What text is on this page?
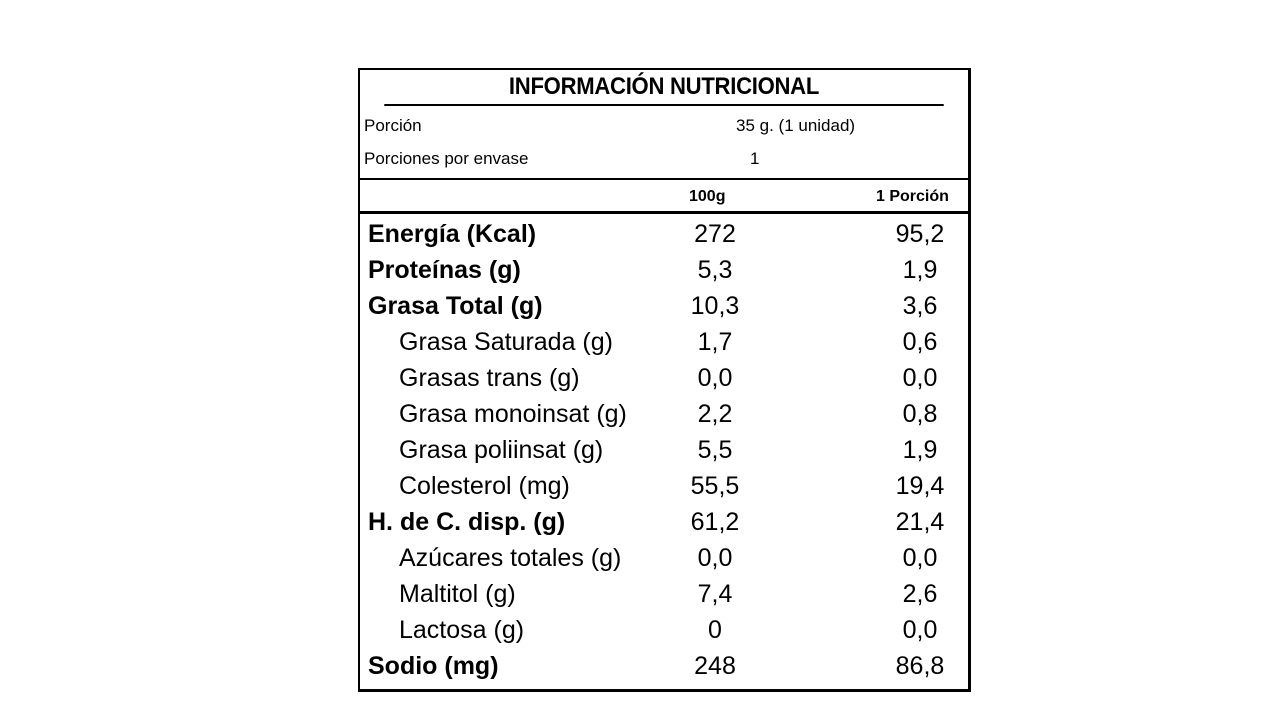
INFORMACIÓN NUTRICIONAL
Porción	35 g. (1 unidad)
Porciones por envase	1
100g	1 Porción
Energía (Kcal)	272	95,2
Proteínas (g)	5,3	1,9
Grasa Total (g)	10,3	3,6
Grasa Saturada (g)	1,7	0,6
Grasas trans (g)	0,0	0,0
Grasa monoinsat (g)	2,2	0,8
Grasa poliinsat (g)	5,5	1,9
Colesterol (mg)	55,5	19,4
H. de C. disp. (g)	61,2	21,4
Azúcares totales (g)	0,0	0,0
Maltitol (g)	7,4	2,6
Lactosa (g)	0	0,0
Sodio (mg)	248	86,8
